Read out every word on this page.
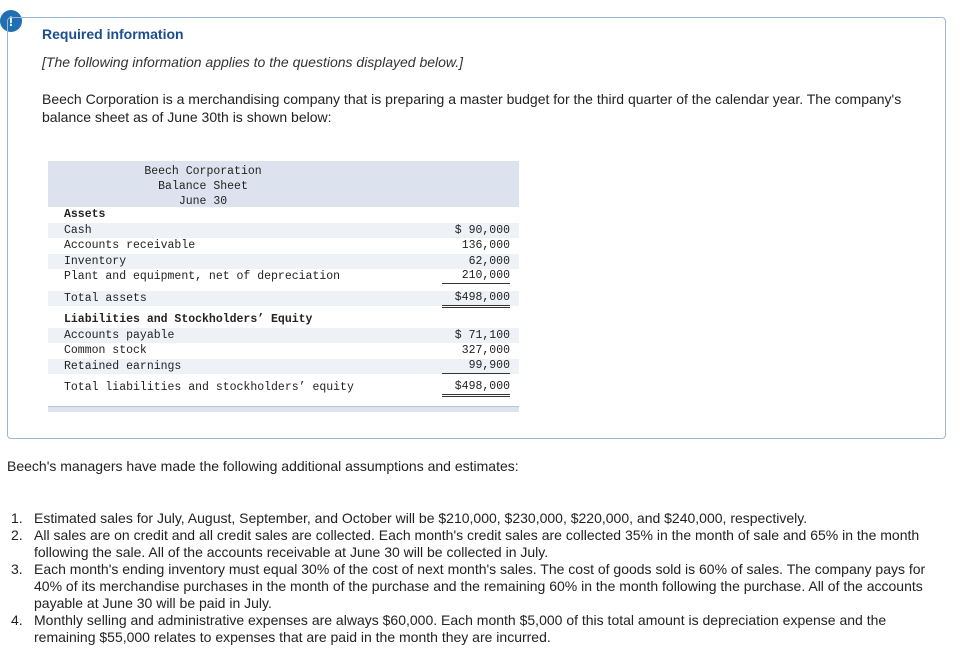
!
Required information
[The following information applies to the questions displayed below.]
Beech Corporation is a merchandising company that is preparing a master budget for the third quarter of the calendar year. The company's balance sheet as of June 30th is shown below:
Beech Corporation
Balance Sheet
June 30
Assets
Cash	$ 90,000
Accounts receivable	136,000
Inventory	62,000
Plant and equipment, net of depreciation	210,000
Total assets	$498,000
Liabilities and Stockholders’ Equity
Accounts payable	$ 71,100
Common stock	327,000
Retained earnings	99,900
Total liabilities and stockholders’ equity	$498,000
Beech's managers have made the following additional assumptions and estimates:
1. Estimated sales for July, August, September, and October will be $210,000, $230,000, $220,000, and $240,000, respectively.
2. All sales are on credit and all credit sales are collected. Each month's credit sales are collected 35% in the month of sale and 65% in the month following the sale. All of the accounts receivable at June 30 will be collected in July.
3. Each month's ending inventory must equal 30% of the cost of next month's sales. The cost of goods sold is 60% of sales. The company pays for 40% of its merchandise purchases in the month of the purchase and the remaining 60% in the month following the purchase. All of the accounts payable at June 30 will be paid in July.
4. Monthly selling and administrative expenses are always $60,000. Each month $5,000 of this total amount is depreciation expense and the remaining $55,000 relates to expenses that are paid in the month they are incurred.
